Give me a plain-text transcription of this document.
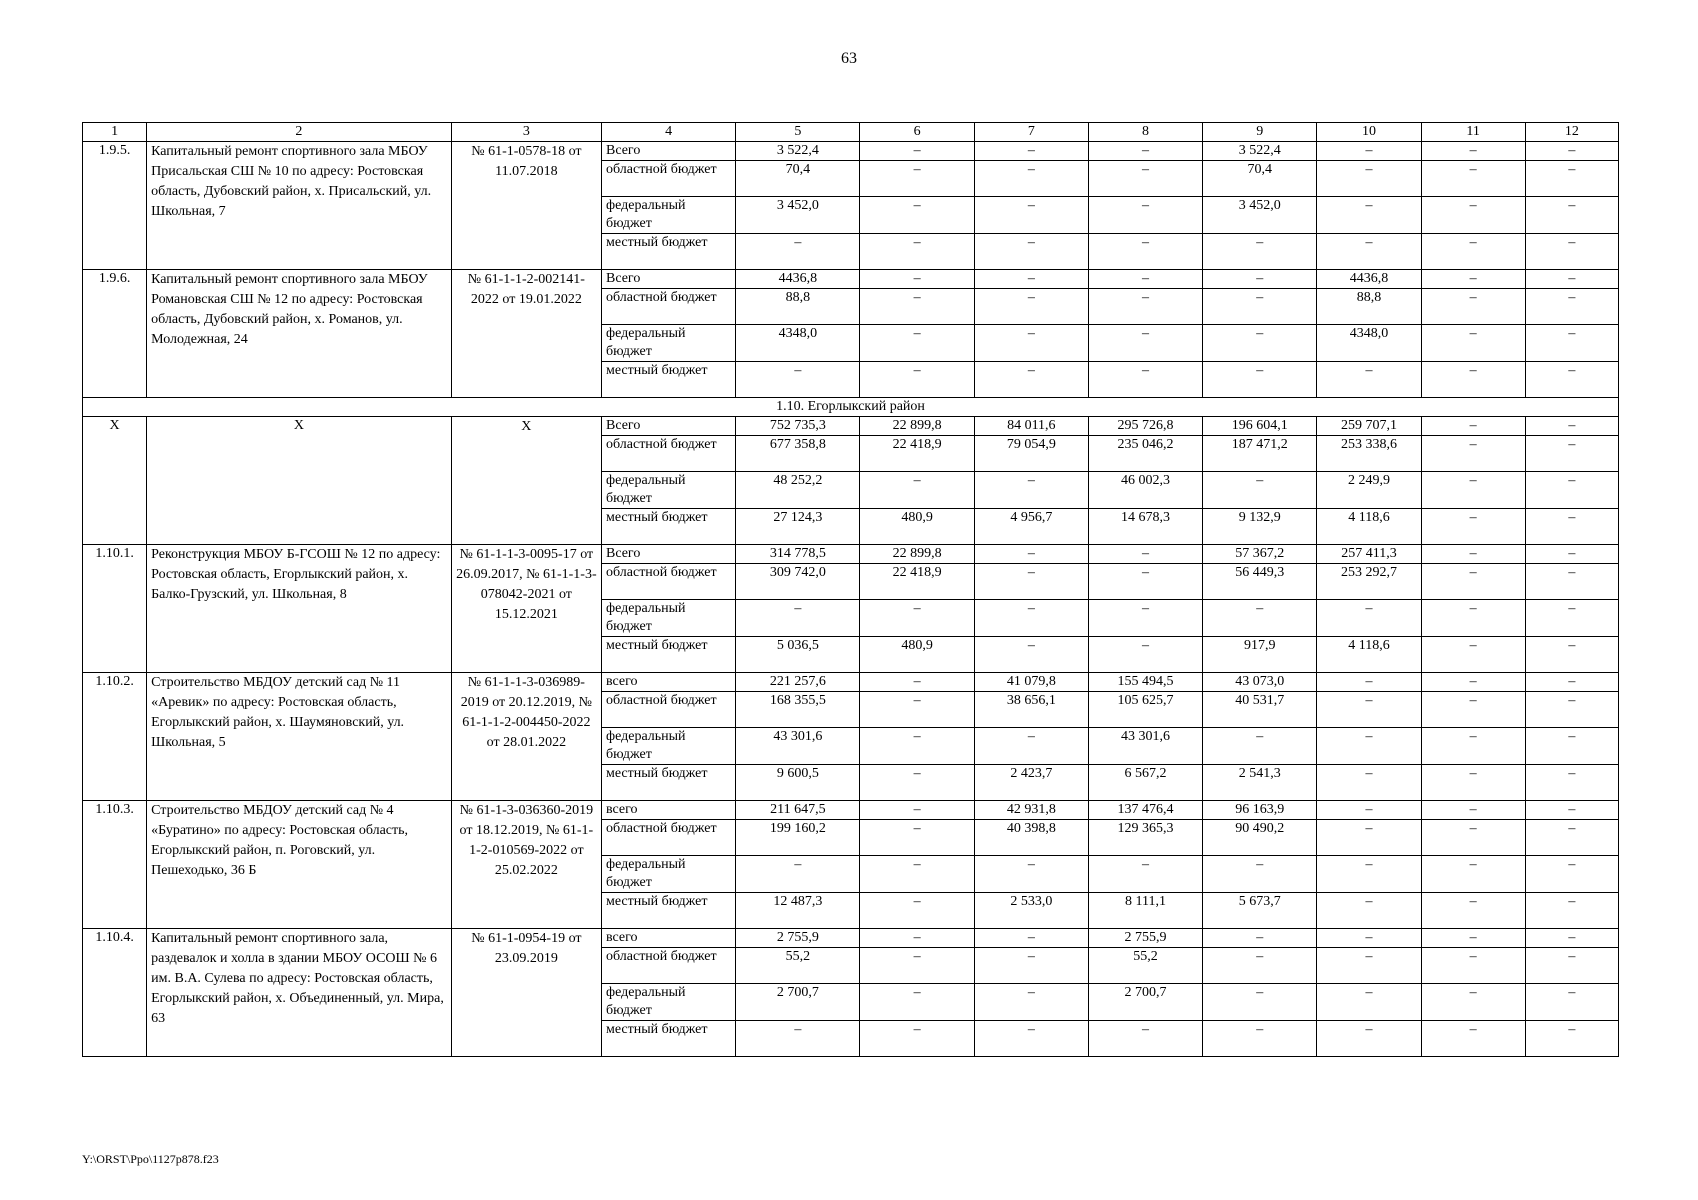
63
1	2	3	4	5	6	7	8	9	10	11	12
1.9.5.	Капитальный ремонт спортивного зала МБОУ Присальская СШ № 10 по адресу: Ростовская область, Дубовский район, х. Присальский, ул. Школьная, 7	№ 61-1-0578-18 от 11.07.2018	Всего	3 522,4	–	–	–	3 522,4	–	–	–
			областной бюджет	70,4	–	–	–	70,4	–	–	–
			федеральный бюджет	3 452,0	–	–	–	3 452,0	–	–	–
			местный бюджет	–	–	–	–	–	–	–	–
1.9.6.	Капитальный ремонт спортивного зала МБОУ Романовская СШ № 12 по адресу: Ростовская область, Дубовский район, х. Романов, ул. Молодежная, 24	№ 61-1-1-2-002141-2022 от 19.01.2022	Всего	4436,8	–	–	–	–	4436,8	–	–
			областной бюджет	88,8	–	–	–	–	88,8	–	–
			федеральный бюджет	4348,0	–	–	–	–	4348,0	–	–
			местный бюджет	–	–	–	–	–	–	–	–
1.10. Егорлыкский район											
Х	Х	Х	Всего	752 735,3	22 899,8	84 011,6	295 726,8	196 604,1	259 707,1	–	–
			областной бюджет	677 358,8	22 418,9	79 054,9	235 046,2	187 471,2	253 338,6	–	–
			федеральный бюджет	48 252,2	–	–	46 002,3	–	2 249,9	–	–
			местный бюджет	27 124,3	480,9	4 956,7	14 678,3	9 132,9	4 118,6	–	–
1.10.1.	Реконструкция МБОУ Б-ГСОШ № 12 по адресу: Ростовская область, Егорлыкский район, х. Балко-Грузский, ул. Школьная, 8	№ 61-1-1-3-0095-17 от 26.09.2017, № 61-1-1-3-078042-2021 от 15.12.2021	Всего	314 778,5	22 899,8	–	–	57 367,2	257 411,3	–	–
			областной бюджет	309 742,0	22 418,9	–	–	56 449,3	253 292,7	–	–
			федеральный бюджет	–	–	–	–	–	–	–	–
			местный бюджет	5 036,5	480,9	–	–	917,9	4 118,6	–	–
1.10.2.	Строительство МБДОУ детский сад № 11 «Аревик» по адресу: Ростовская область, Егорлыкский район, х. Шаумяновский, ул. Школьная, 5	№ 61-1-1-3-036989-2019 от 20.12.2019, № 61-1-1-2-004450-2022 от 28.01.2022	всего	221 257,6	–	41 079,8	155 494,5	43 073,0	–	–	–
			областной бюджет	168 355,5	–	38 656,1	105 625,7	40 531,7	–	–	–
			федеральный бюджет	43 301,6	–	–	43 301,6	–	–	–	–
			местный бюджет	9 600,5	–	2 423,7	6 567,2	2 541,3	–	–	–
1.10.3.	Строительство МБДОУ детский сад № 4 «Буратино» по адресу: Ростовская область, Егорлыкский район, п. Роговский, ул. Пешеходько, 36 Б	№ 61-1-3-036360-2019 от 18.12.2019, № 61-1-1-2-010569-2022 от 25.02.2022	всего	211 647,5	–	42 931,8	137 476,4	96 163,9	–	–	–
			областной бюджет	199 160,2	–	40 398,8	129 365,3	90 490,2	–	–	–
			федеральный бюджет	–	–	–	–	–	–	–	–
			местный бюджет	12 487,3	–	2 533,0	8 111,1	5 673,7	–	–	–
1.10.4.	Капитальный ремонт спортивного зала, раздевалок и холла в здании МБОУ ОСОШ № 6 им. В.А. Сулева по адресу: Ростовская область, Егорлыкский район, х. Объединенный, ул. Мира, 63	№ 61-1-0954-19 от 23.09.2019	всего	2 755,9	–	–	2 755,9	–	–	–	–
			областной бюджет	55,2	–	–	55,2	–	–	–	–
			федеральный бюджет	2 700,7	–	–	2 700,7	–	–	–	–
			местный бюджет	–	–	–	–	–	–	–	–
Y:\ORST\Ppo\1127p878.f23
